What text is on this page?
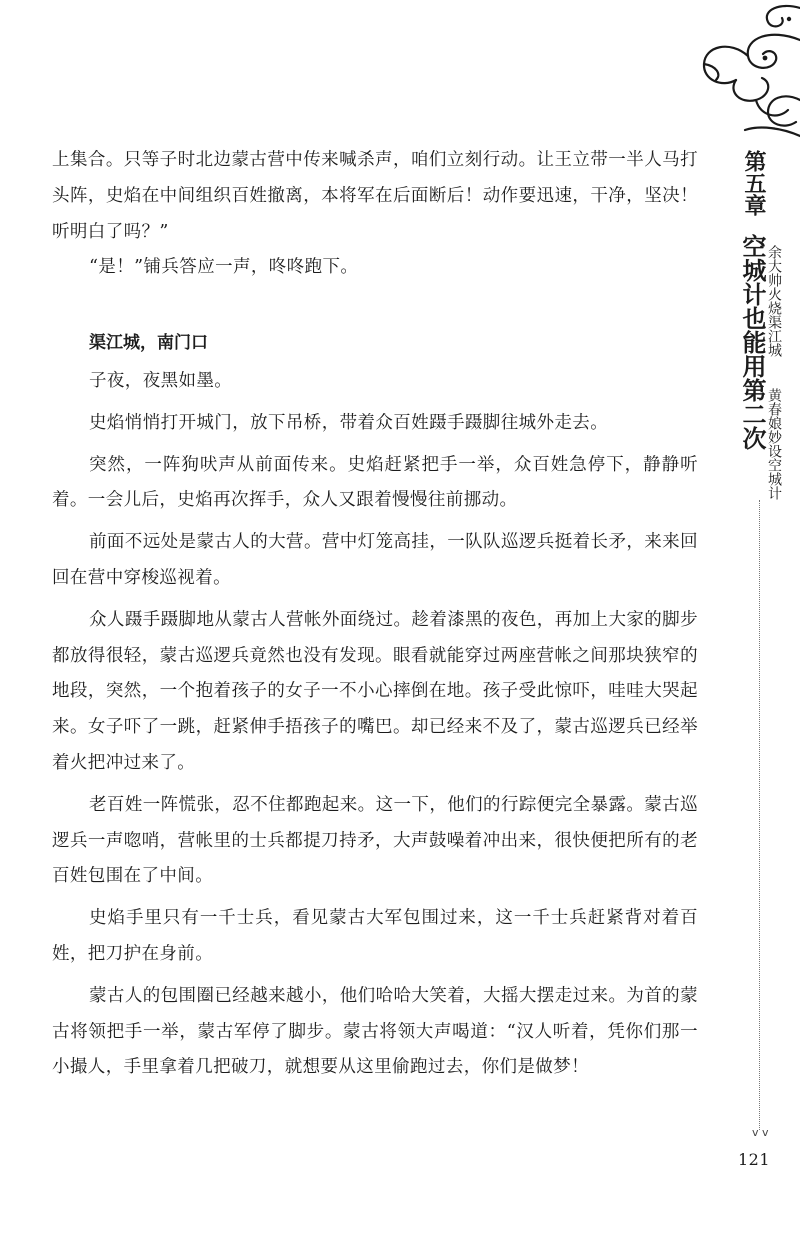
上集合。只等子时北边蒙古营中传来喊杀声，咱们立刻行动。让王立带一半人马打头阵，史焰在中间组织百姓撤离，本将军在后面断后！动作要迅速，干净，坚决！听明白了吗？”

“是！”铺兵答应一声，咚咚跑下。

渠江城，南门口

子夜，夜黑如墨。

史焰悄悄打开城门，放下吊桥，带着众百姓蹑手蹑脚往城外走去。

突然，一阵狗吠声从前面传来。史焰赶紧把手一举，众百姓急停下，静静听着。一会儿后，史焰再次挥手，众人又跟着慢慢往前挪动。

前面不远处是蒙古人的大营。营中灯笼高挂，一队队巡逻兵挺着长矛，来来回回在营中穿梭巡视着。

众人蹑手蹑脚地从蒙古人营帐外面绕过。趁着漆黑的夜色，再加上大家的脚步都放得很轻，蒙古巡逻兵竟然也没有发现。眼看就能穿过两座营帐之间那块狭窄的地段，突然，一个抱着孩子的女子一不小心摔倒在地。孩子受此惊吓，哇哇大哭起来。女子吓了一跳，赶紧伸手捂孩子的嘴巴。却已经来不及了，蒙古巡逻兵已经举着火把冲过来了。

老百姓一阵慌张，忍不住都跑起来。这一下，他们的行踪便完全暴露。蒙古巡逻兵一声唿哨，营帐里的士兵都提刀持矛，大声鼓噪着冲出来，很快便把所有的老百姓包围在了中间。

史焰手里只有一千士兵，看见蒙古大军包围过来，这一千士兵赶紧背对着百姓，把刀护在身前。

蒙古人的包围圈已经越来越小，他们哈哈大笑着，大摇大摆走过来。为首的蒙古将领把手一举，蒙古军停了脚步。蒙古将领大声喝道：“汉人听着，凭你们那一小撮人，手里拿着几把破刀，就想要从这里偷跑过去，你们是做梦！

第五章

空城计也能用第二次 余大帅火烧渠江城

黄春娘妙设空城计

v v
121
